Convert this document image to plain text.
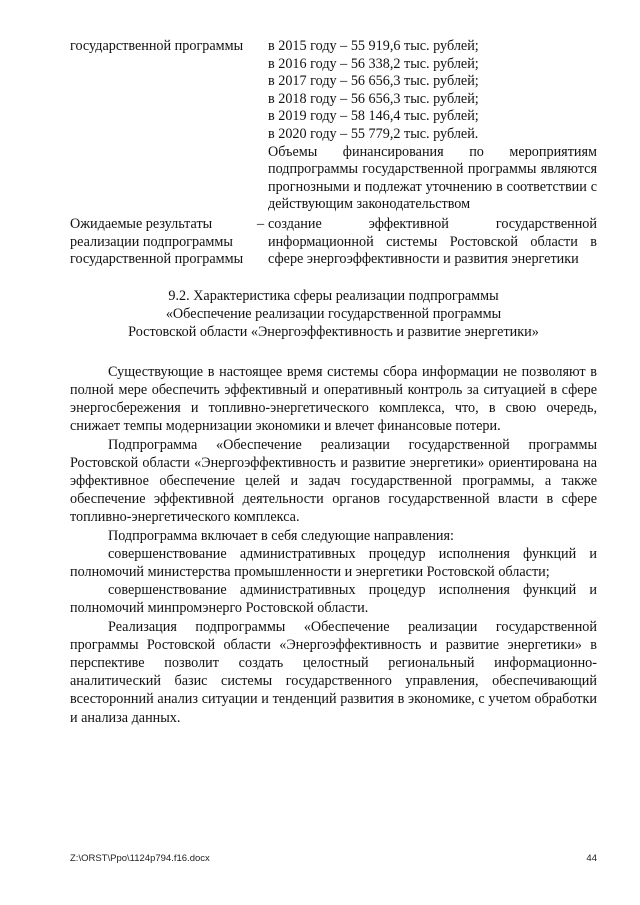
государственной программы	в 2015 году – 55 919,6 тыс. рублей;
в 2016 году – 56 338,2 тыс. рублей;
в 2017 году – 56 656,3 тыс. рублей;
в 2018 году – 56 656,3 тыс. рублей;
в 2019 году – 58 146,4 тыс. рублей;
в 2020 году – 55 779,2 тыс. рублей.
Объемы финансирования по мероприятиям подпрограммы государственной программы являются прогнозными и подлежат уточнению в соответствии с действующим законодательством
Ожидаемые результаты реализации подпрограммы государственной программы
– создание эффективной государственной информационной системы Ростовской области в сфере энергоэффективности и развития энергетики
9.2. Характеристика сферы реализации подпрограммы
«Обеспечение реализации государственной программы
Ростовской области «Энергоэффективность и развитие энергетики»

Существующие в настоящее время системы сбора информации не позволяют в полной мере обеспечить эффективный и оперативный контроль за ситуацией в сфере энергосбережения и топливно-энергетического комплекса, что, в свою очередь, снижает темпы модернизации экономики и влечет финансовые потери.

Подпрограмма «Обеспечение реализации государственной программы Ростовской области «Энергоэффективность и развитие энергетики» ориентирована на эффективное обеспечение целей и задач государственной программы, а также обеспечение эффективной деятельности органов государственной власти в сфере топливно-энергетического комплекса.

Подпрограмма включает в себя следующие направления:

совершенствование административных процедур исполнения функций и полномочий министерства промышленности и энергетики Ростовской области;

совершенствование административных процедур исполнения функций и полномочий минпромэнерго Ростовской области.

Реализация подпрограммы «Обеспечение реализации государственной программы Ростовской области «Энергоэффективность и развитие энергетики» в перспективе позволит создать целостный региональный информационно-аналитический базис системы государственного управления, обеспечивающий всесторонний анализ ситуации и тенденций развития в экономике, с учетом обработки и анализа данных.

Z:\ORST\Ppo\1124p794.f16.docx	44
